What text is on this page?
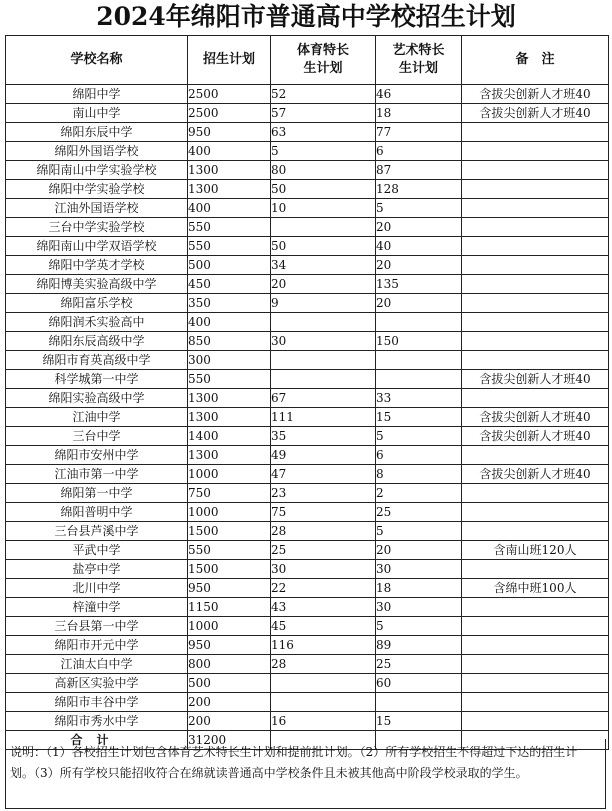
2024年绵阳市普通高中学校招生计划
学校名称	招生计划	体育特长生计划	艺术特长生计划	备　注
绵阳中学	2500	52	46	含拔尖创新人才班40
南山中学	2500	57	18	含拔尖创新人才班40
绵阳东辰中学	950	63	77	
绵阳外国语学校	400	5	6	
绵阳南山中学实验学校	1300	80	87	
绵阳中学实验学校	1300	50	128	
江油外国语学校	400	10	5	
三台中学实验学校	550		20	
绵阳南山中学双语学校	550	50	40	
绵阳中学英才学校	500	34	20	
绵阳博美实验高级中学	450	20	135	
绵阳富乐学校	350	9	20	
绵阳润禾实验高中	400			
绵阳东辰高级中学	850	30	150	
绵阳市育英高级中学	300			
科学城第一中学	550			含拔尖创新人才班40
绵阳实验高级中学	1300	67	33	
江油中学	1300	111	15	含拔尖创新人才班40
三台中学	1400	35	5	含拔尖创新人才班40
绵阳市安州中学	1300	49	6	
江油市第一中学	1000	47	8	含拔尖创新人才班40
绵阳第一中学	750	23	2	
绵阳普明中学	1000	75	25	
三台县芦溪中学	1500	28	5	
平武中学	550	25	20	含南山班120人
盐亭中学	1500	30	30	
北川中学	950	22	18	含绵中班100人
梓潼中学	1150	43	30	
三台县第一中学	1000	45	5	
绵阳市开元中学	950	116	89	
江油太白中学	800	28	25	
高新区实验中学	500		60	
绵阳市丰谷中学	200			
绵阳市秀水中学	200	16	15	
合计	31200			
说明：（1）各校招生计划包含体育艺术特长生计划和提前批计划。（2）所有学校招生不得超过下达的招生计划。（3）所有学校只能招收符合在绵就读普通高中学校条件且未被其他高中阶段学校录取的学生。
